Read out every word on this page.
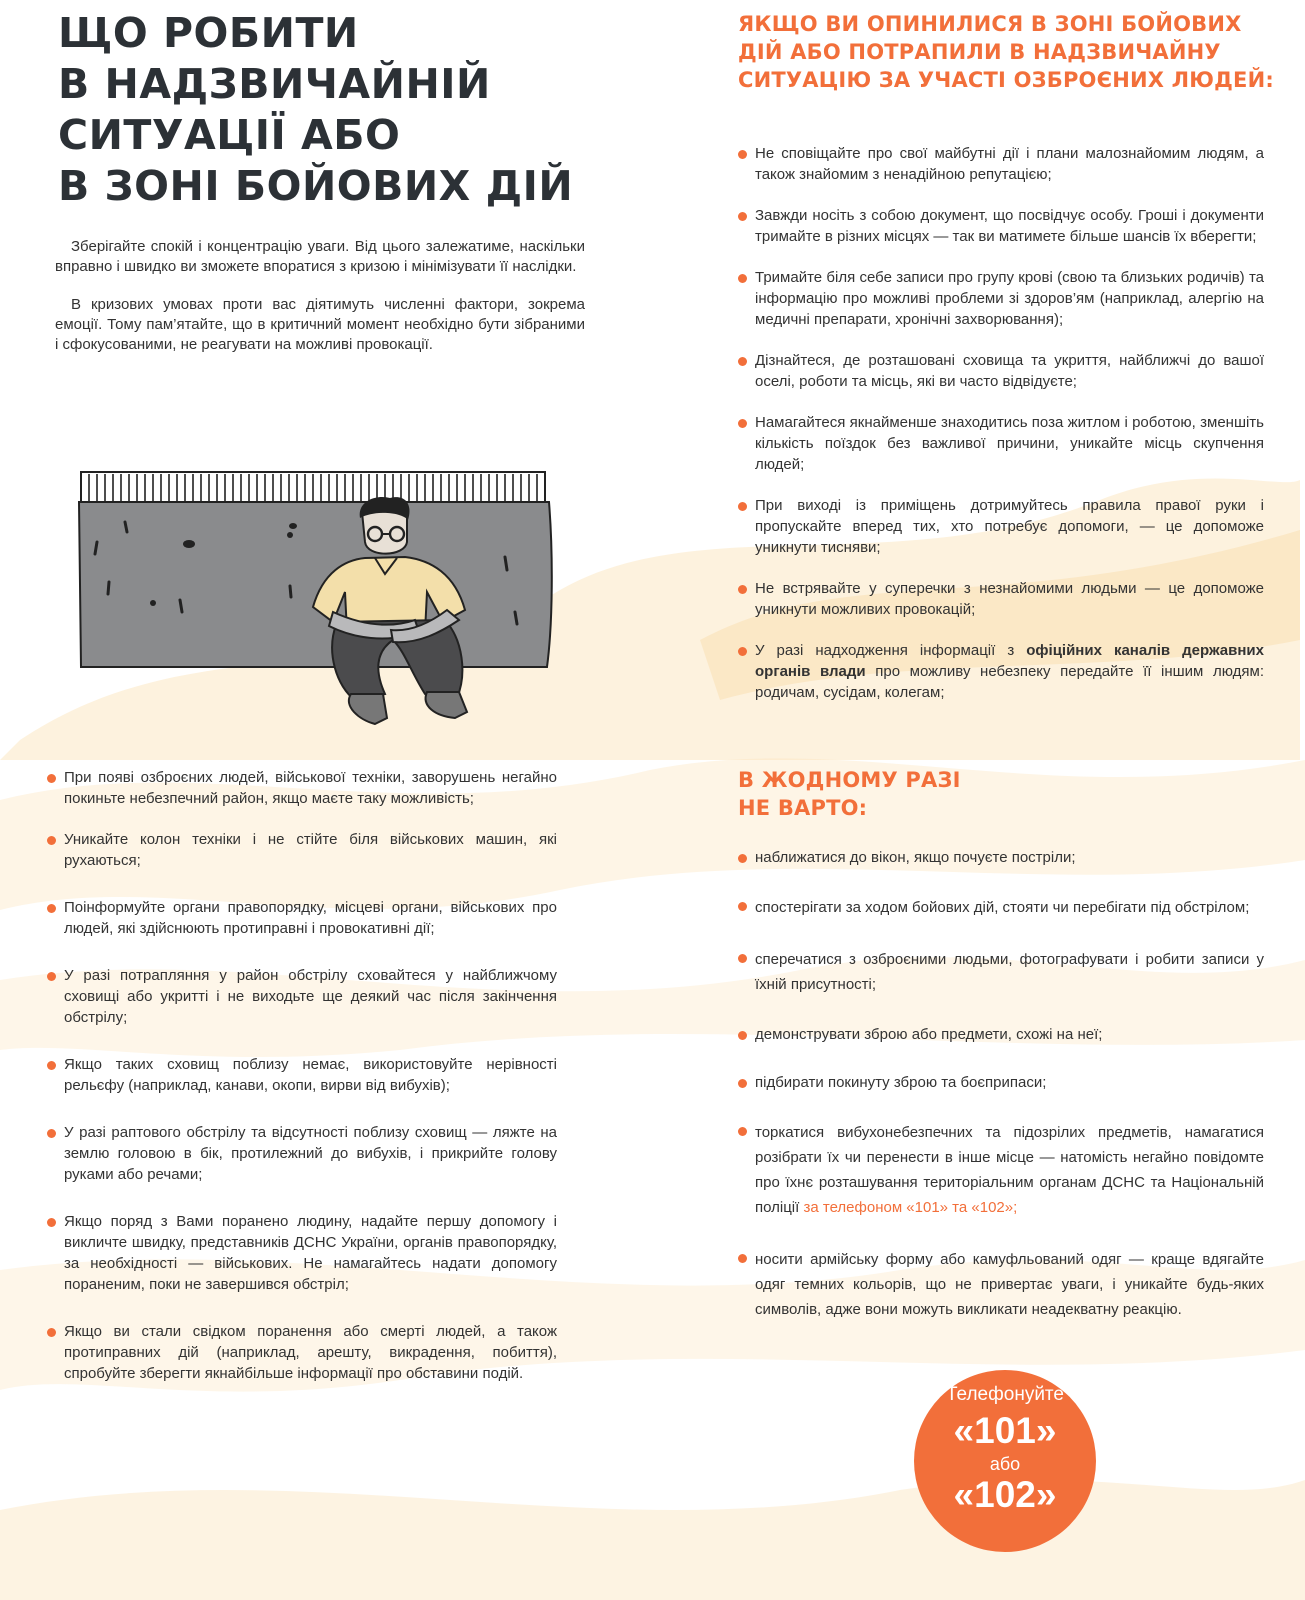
ЩО РОБИТИ
В НАДЗВИЧАЙНІЙ
СИТУАЦІЇ АБО
В ЗОНІ БОЙОВИХ ДІЙ

Зберігайте спокій і концентрацію уваги. Від цього залежатиме, наскільки вправно і швидко ви зможете впоратися з кризою і мінімізувати її наслідки.

В кризових умовах проти вас діятимуть численні фактори, зокрема емоції. Тому пам’ятайте, що в критичний момент необхідно бути зібраними і сфокусованими, не реагувати на можливі провокації.

ЯКЩО ВИ ОПИНИЛИСЯ В ЗОНІ БОЙОВИХ
ДІЙ АБО ПОТРАПИЛИ В НАДЗВИЧАЙНУ
СИТУАЦІЮ ЗА УЧАСТІ ОЗБРОЄНИХ ЛЮДЕЙ:
Не сповіщайте про свої майбутні дії і плани малознайомим людям, а також знайомим з ненадійною репутацією;
Завжди носіть з собою документ, що посвідчує особу. Гроші і документи тримайте в різних місцях — так ви матимете більше шансів їх вберегти;
Тримайте біля себе записи про групу крові (свою та близьких родичів) та інформацію про можливі проблеми зі здоров’ям (наприклад, алергію на медичні препарати, хронічні захворювання);
Дізнайтеся, де розташовані сховища та укриття, найближчі до вашої оселі, роботи та місць, які ви часто відвідуєте;
Намагайтеся якнайменше знаходитись поза житлом і роботою, зменшіть кількість поїздок без важливої причини, уникайте місць скупчення людей;
При виході із приміщень дотримуйтесь правила правої руки і пропускайте вперед тих, хто потребує допомоги, — це допоможе уникнути тисняви;
Не встрявайте у суперечки з незнайомими людьми — це допоможе уникнути можливих провокацій;
У разі надходження інформації з офіційних каналів державних органів влади про можливу небезпеку передайте її іншим людям: родичам, сусідам, колегам;
При появі озброєних людей, військової техніки, заворушень негайно покиньте небезпечний район, якщо маєте таку можливість;
Уникайте колон техніки і не стійте біля військових машин, які рухаються;
Поінформуйте органи правопорядку, місцеві органи, військових про людей, які здійснюють протиправні і провокативні дії;
У разі потрапляння у район обстрілу сховайтеся у найближчому сховищі або укритті і не виходьте ще деякий час після закінчення обстрілу;
Якщо таких сховищ поблизу немає, використовуйте нерівності рельєфу (наприклад, канави, окопи, вирви від вибухів);
У разі раптового обстрілу та відсутності поблизу сховищ — ляжте на землю головою в бік, протилежний до вибухів, і прикрийте голову руками або речами;
Якщо поряд з Вами поранено людину, надайте першу допомогу і викличте швидку, представників ДСНС України, органів правопорядку, за необхідності — військових. Не намагайтесь надати допомогу пораненим, поки не завершився обстріл;
Якщо ви стали свідком поранення або смерті людей, а також протиправних дій (наприклад, арешту, викрадення, побиття), спробуйте зберегти якнайбільше інформації про обставини подій.
В ЖОДНОМУ РАЗІ
НЕ ВАРТО:
наближатися до вікон, якщо почуєте постріли;
спостерігати за ходом бойових дій, стояти чи перебігати під обстрілом;
сперечатися з озброєними людьми, фотографувати і робити записи у їхній присутності;
демонструвати зброю або предмети, схожі на неї;
підбирати покинуту зброю та боєприпаси;
торкатися вибухонебезпечних та підозрілих предметів, намагатися розібрати їх чи перенести в інше місце — натомість негайно повідомте про їхнє розташування територіальним органам ДСНС та Національній поліції за телефоном «101» та «102»;
носити армійську форму або камуфльований одяг — краще вдягайте одяг темних кольорів, що не привертає уваги, і уникайте будь-яких символів, адже вони можуть викликати неадекватну реакцію.
Телефонуйте
«101»
або
«102»
